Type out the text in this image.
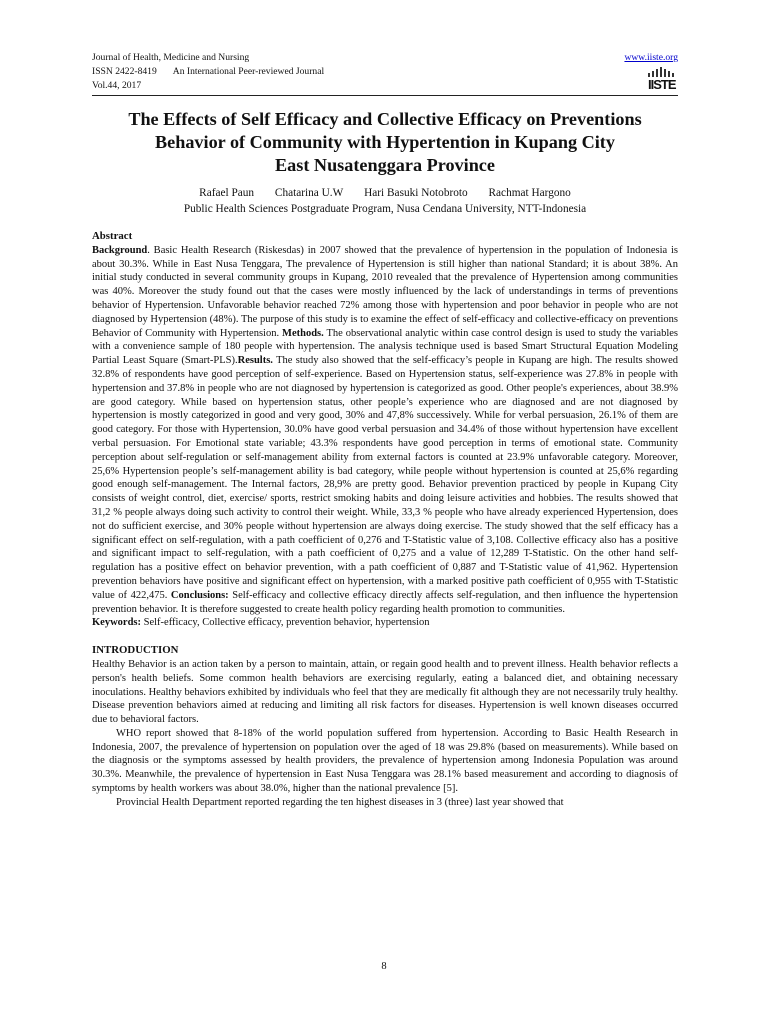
Journal of Health, Medicine and Nursing
ISSN 2422-8419 An International Peer-reviewed Journal
Vol.44, 2017
www.iiste.org
IISTE
The Effects of Self Efficacy and Collective Efficacy on Preventions
Behavior of Community with Hypertention in Kupang City
East Nusatenggara Province
Rafael Paun Chatarina U.W Hari Basuki Notobroto Rachmat Hargono
Public Health Sciences Postgraduate Program, Nusa Cendana University, NTT-Indonesia
Abstract

Background. Basic Health Research (Riskesdas) in 2007 showed that the prevalence of hypertension in the population of Indonesia is about 30.3%. While in East Nusa Tenggara, The prevalence of Hypertension is still higher than national Standard; it is about 38%. An initial study conducted in several community groups in Kupang, 2010 revealed that the prevalence of Hypertension among communities was 40%. Moreover the study found out that the cases were mostly influenced by the lack of understandings in terms of preventions behavior of Hypertension. Unfavorable behavior reached 72% among those with hypertension and poor behavior in people who are not diagnosed by Hypertension (48%). The purpose of this study is to examine the effect of self-efficacy and collective-efficacy on preventions Behavior of Community with Hypertension. Methods. The observational analytic within case control design is used to study the variables with a convenience sample of 180 people with hypertension. The analysis technique used is based Smart Structural Equation Modeling Partial Least Square (Smart-PLS).Results. The study also showed that the self-efficacy’s people in Kupang are high. The results showed 32.8% of respondents have good perception of self-experience. Based on Hypertension status, self-experience was 27.8% in people with hypertension and 37.8% in people who are not diagnosed by hypertension is categorized as good. Other people's experiences, about 38.9% are good category. While based on hypertension status, other people’s experience who are diagnosed and are not diagnosed by hypertension is mostly categorized in good and very good, 30% and 47,8% successively. While for verbal persuasion, 26.1% of them are good category. For those with Hypertension, 30.0% have good verbal persuasion and 34.4% of those without hypertension have excellent verbal persuasion. For Emotional state variable; 43.3% respondents have good perception in terms of emotional state. Community perception about self-regulation or self-management ability from external factors is counted at 23.9% unfavorable category. Moreover, 25,6% Hypertension people’s self-management ability is bad category, while people without hypertension is counted at 25,6% regarding good enough self-management. The Internal factors, 28,9% are pretty good. Behavior prevention practiced by people in Kupang City consists of weight control, diet, exercise/ sports, restrict smoking habits and doing leisure activities and hobbies. The results showed that 31,2 % people always doing such activity to control their weight. While, 33,3 % people who have already experienced Hypertension, does not do sufficient exercise, and 30% people without hypertension are always doing exercise. The study showed that the self efficacy has a significant effect on self-regulation, with a path coefficient of 0,276 and T-Statistic value of 3,108. Collective efficacy also has a positive and significant impact to self-regulation, with a path coefficient of 0,275 and a value of 12,289 T-Statistic. On the other hand self-regulation has a positive effect on behavior prevention, with a path coefficient of 0,887 and T-Statistic value of 41,962. Hypertension prevention behaviors have positive and significant effect on hypertension, with a marked positive path coefficient of 0,955 with T-Statistic value of 422,475. Conclusions: Self-efficacy and collective efficacy directly affects self-regulation, and then influence the hypertension prevention behavior. It is therefore suggested to create health policy regarding health promotion to communities.

Keywords: Self-efficacy, Collective efficacy, prevention behavior, hypertension

INTRODUCTION

Healthy Behavior is an action taken by a person to maintain, attain, or regain good health and to prevent illness. Health behavior reflects a person's health beliefs. Some common health behaviors are exercising regularly, eating a balanced diet, and obtaining necessary inoculations. Healthy behaviors exhibited by individuals who feel that they are medically fit although they are not necessarily truly healthy. Disease prevention behaviors aimed at reducing and limiting all risk factors for diseases. Hypertension is well known diseases occurred due to behavioral factors.

WHO report showed that 8-18% of the world population suffered from hypertension. According to Basic Health Research in Indonesia, 2007, the prevalence of hypertension on population over the aged of 18 was 29.8% (based on measurements). While based on the diagnosis or the symptoms assessed by health providers, the prevalence of hypertension among Indonesia Population was around 30.3%. Meanwhile, the prevalence of hypertension in East Nusa Tenggara was 28.1% based measurement and according to diagnosis of symptoms by health workers was about 38.0%, higher than the national prevalence [5].

Provincial Health Department reported regarding the ten highest diseases in 3 (three) last year showed that

8
